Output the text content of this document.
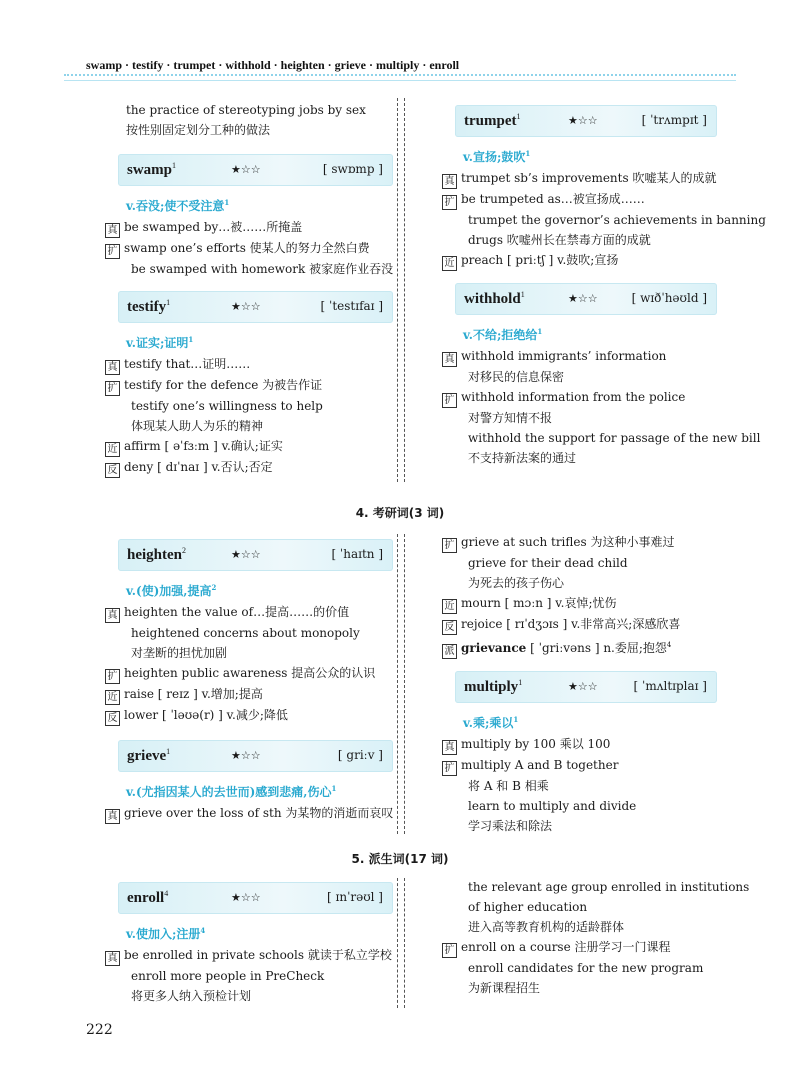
swamp · testify · trumpet · withhold · heighten · grieve · multiply · enroll
the practice of stereotyping jobs by sex
按性别固定划分工种的做法
swamp$^1$	★☆☆	[ swɒmp ]
v.吞没;使不受注意$^1$
真 be swamped by…被……所掩盖
扩 swamp one’s efforts 使某人的努力全然白费
be swamped with homework 被家庭作业吞没
testify$^1$	★☆☆	[ ˈtestɪfaɪ ]
v.证实;证明$^1$
真 testify that…证明……
扩 testify for the defence 为被告作证
testify one’s willingness to help
体现某人助人为乐的精神
近 affirm [ əˈfɜːm ] v.确认;证实
反 deny [ dɪˈnaɪ ] v.否认;否定
trumpet$^1$	★☆☆	[ ˈtrʌmpɪt ]
v.宣扬;鼓吹$^1$
真 trumpet sb’s improvements 吹嘘某人的成就
扩 be trumpeted as…被宣扬成……
trumpet the governor’s achievements in banning
drugs 吹嘘州长在禁毒方面的成就
近 preach [ priːtʃ ] v.鼓吹;宣扬
withhold$^1$	★☆☆	[ wɪðˈhəʊld ]
v.不给;拒绝给$^1$
真 withhold immigrants’ information
对移民的信息保密
扩 withhold information from the police
对警方知情不报
withhold the support for passage of the new bill
不支持新法案的通过
4. 考研词(3 词)
heighten$^2$	★☆☆	[ ˈhaɪtn ]
v.(使)加强,提高$^2$
真 heighten the value of…提高……的价值
heightened concerns about monopoly
对垄断的担忧加剧
扩 heighten public awareness 提高公众的认识
近 raise [ reɪz ] v.增加;提高
反 lower [ ˈləʊə(r) ] v.减少;降低
grieve$^1$	★☆☆	[ griːv ]
v.(尤指因某人的去世而)感到悲痛,伤心$^1$
真 grieve over the loss of sth 为某物的消逝而哀叹
扩 grieve at such trifles 为这种小事难过
grieve for their dead child
为死去的孩子伤心
近 mourn [ mɔːn ] v.哀悼;忧伤
反 rejoice [ rɪˈdʒɔɪs ] v.非常高兴;深感欣喜
派 grievance [ ˈgriːvəns ] n.委屈;抱怨$^4$
multiply$^1$	★☆☆	[ ˈmʌltɪplaɪ ]
v.乘;乘以$^1$
真 multiply by 100 乘以 100
扩 multiply A and B together
将 A 和 B 相乘
learn to multiply and divide
学习乘法和除法
5. 派生词(17 词)
enroll$^4$	★☆☆	[ ɪnˈrəʊl ]
v.使加入;注册$^4$
真 be enrolled in private schools 就读于私立学校
enroll more people in PreCheck
将更多人纳入预检计划
the relevant age group enrolled in institutions
of higher education
进入高等教育机构的适龄群体
扩 enroll on a course 注册学习一门课程
enroll candidates for the new program
为新课程招生
222
